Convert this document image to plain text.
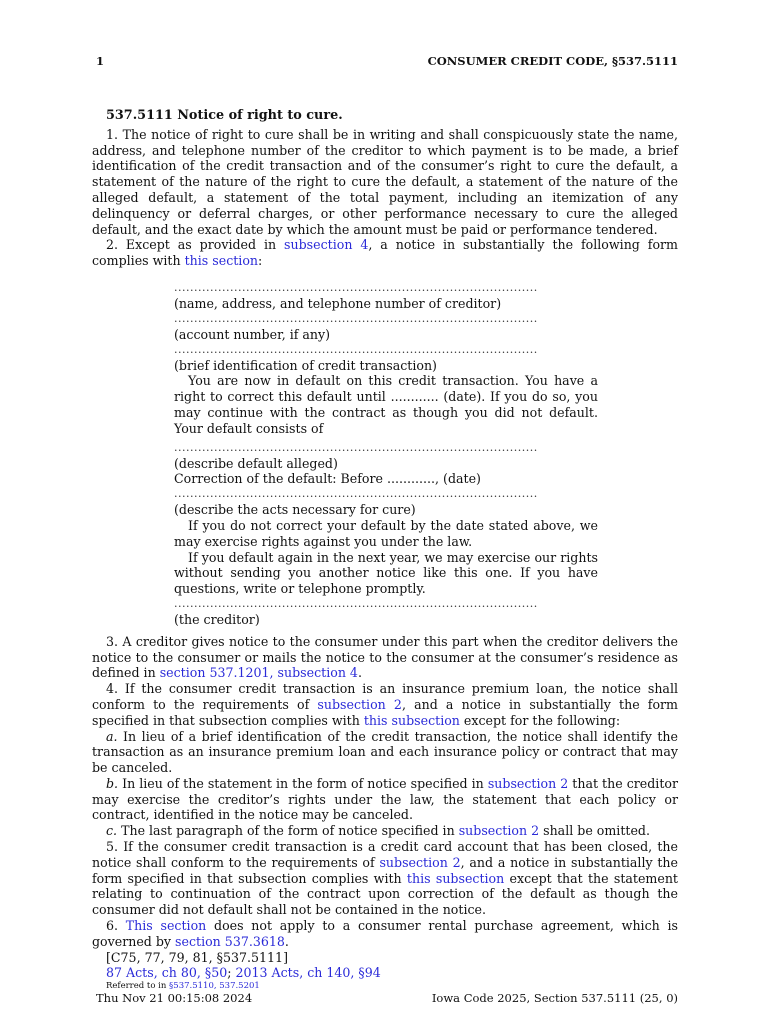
1	CONSUMER CREDIT CODE, §537.5111
537.5111 Notice of right to cure.

1. The notice of right to cure shall be in writing and shall conspicuously state the name, address, and telephone number of the creditor to which payment is to be made, a brief identification of the credit transaction and of the consumer’s right to cure the default, a statement of the nature of the right to cure the default, a statement of the nature of the alleged default, a statement of the total payment, including an itemization of any delinquency or deferral charges, or other performance necessary to cure the alleged default, and the exact date by which the amount must be paid or performance tendered.

2. Except as provided in subsection 4, a notice in substantially the following form complies with this section:

...........................................................................................
(name, address, and telephone number of creditor)
...........................................................................................
(account number, if any)
...........................................................................................
(brief identification of credit transaction)
You are now in default on this credit transaction. You have a right to correct this default until ............ (date). If you do so, you may continue with the contract as though you did not default. Your default consists of
...........................................................................................
(describe default alleged)
Correction of the default: Before ............, (date)
...........................................................................................
(describe the acts necessary for cure)
If you do not correct your default by the date stated above, we may exercise rights against you under the law.
If you default again in the next year, we may exercise our rights without sending you another notice like this one. If you have questions, write or telephone promptly.
...........................................................................................
(the creditor)

3. A creditor gives notice to the consumer under this part when the creditor delivers the notice to the consumer or mails the notice to the consumer at the consumer’s residence as defined in section 537.1201, subsection 4.

4. If the consumer credit transaction is an insurance premium loan, the notice shall conform to the requirements of subsection 2, and a notice in substantially the form specified in that subsection complies with this subsection except for the following:

a. In lieu of a brief identification of the credit transaction, the notice shall identify the transaction as an insurance premium loan and each insurance policy or contract that may be canceled.

b. In lieu of the statement in the form of notice specified in subsection 2 that the creditor may exercise the creditor’s rights under the law, the statement that each policy or contract, identified in the notice may be canceled.

c. The last paragraph of the form of notice specified in subsection 2 shall be omitted.

5. If the consumer credit transaction is a credit card account that has been closed, the notice shall conform to the requirements of subsection 2, and a notice in substantially the form specified in that subsection complies with this subsection except that the statement relating to continuation of the contract upon correction of the default as though the consumer did not default shall not be contained in the notice.

6. This section does not apply to a consumer rental purchase agreement, which is governed by section 537.3618.

[C75, 77, 79, 81, §537.5111]
87 Acts, ch 80, §50; 2013 Acts, ch 140, §94
Referred to in §537.5110, 537.5201
Thu Nov 21 00:15:08 2024	Iowa Code 2025, Section 537.5111 (25, 0)
